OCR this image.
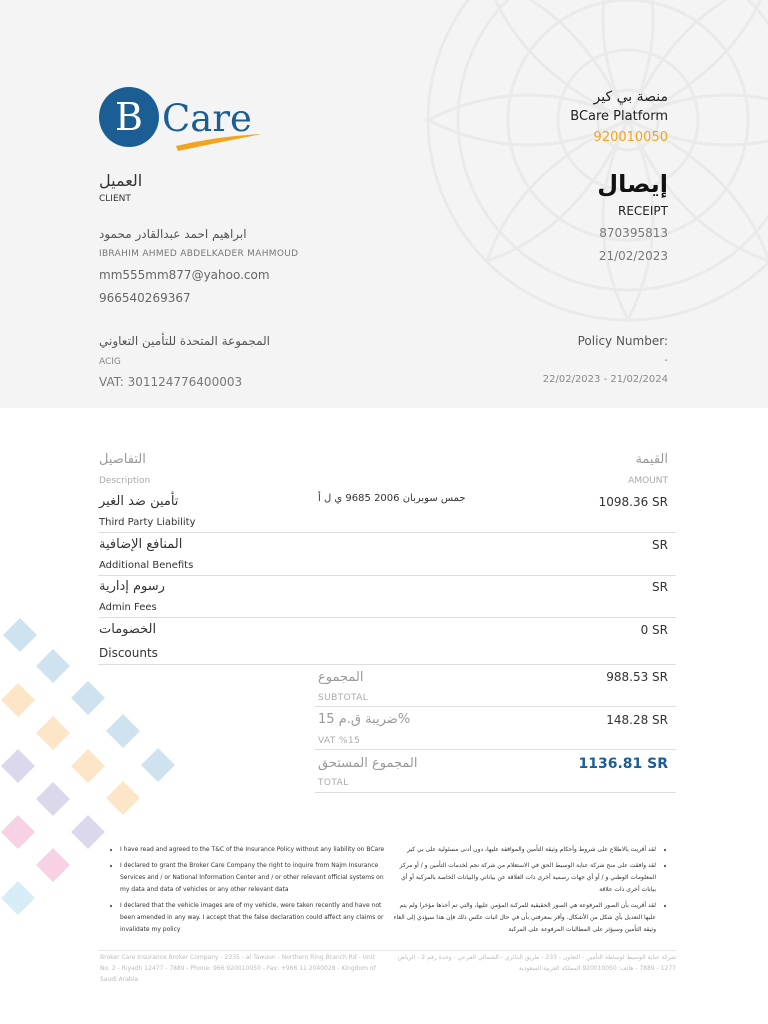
B Care	منصة بي كير
BCare Platform
920010050
العميل
CLIENT
إيصال
RECEIPT
870395813
21/02/2023
ابراهيم احمد عبدالقادر محمود
IBRAHIM AHMED ABDELKADER MAHMOUD
mm555mm877@yahoo.com
966540269367
المجموعة المتحدة للتأمين التعاوني
ACIG
VAT: 301124776400003
Policy Number:
-
22/02/2023 - 21/02/2024
التفاصيل
Description
القيمة
AMOUNT
تأمين ضد الغير
Third Party Liability
جمس سوبربان 2006 9685 ي ل أ	1098.36 SR
المنافع الإضافية
Additional Benefits
SR
رسوم إدارية
Admin Fees
SR
الخصومات
Discounts
0 SR
المجموع
SUBTOTAL
988.53 SR
ضريبة ق.م 15%
VAT %15
148.28 SR
المجموع المستحق
TOTAL
1136.81 SR
• I have read and agreed to the T&C of the Insurance Policy without any liability on BCare
• I declared to grant the Broker Care Company the right to inquire from Najm Insurance Services and / or National Information Center and / or other relevant official systems on my data and data of vehicles or any other relevant data
• I declared that the vehicle images are of my vehicle, were taken recently and have not been amended in any way. I accept that the false declaration could affect any claims or invalidate my policy
• لقد أقريت بالاطلاع على شروط وأحكام وثيقة التأمين والموافقة عليها، دون أدنى مسئولية على بي كير
• لقد وافقت على منح شركة عناية الوسيط الحق في الاستعلام من شركة نجم لخدمات التأمين و / أو مركز المعلومات الوطني و / أو أي جهات رسمية أخرى ذات العلاقة عن بياناتي والبيانات الخاصة بالمركبة أو أي بيانات أخرى ذات علاقة
• لقد أقريت بأن الصور المرفوعة هي الصور الحقيقية للمركبة المؤمن عليها، والتي تم أخذها مؤخرا ولم يتم عليها التعديل بأي شكل من الأشكال. وأقر بمعرفتي بأن في حال اثبات عكس ذلك فإن هذا سيؤدي إلى الغاء وثيقة التأمين وسيؤثر على المطالبات المرفوعة على المركبة
Broker Care Insurance Broker Company - 2335 - al Tawuun - Northern Ring Branch Rd - Unit No. 2 - Riyadh 12477 - 7889 - Phone: 966 920010050 - Fax: +966 11 2040028 - Kingdom of Saudi Arabia
شركة عناية الوسيط لوساطة التأمين - التعاون - 233 - طريق الدائري - الشمالي الفرعي - وحدة رقم 2 - الرياض 1277 - 7889 - هاتف: 920010050 المملكة العربية السعودية
